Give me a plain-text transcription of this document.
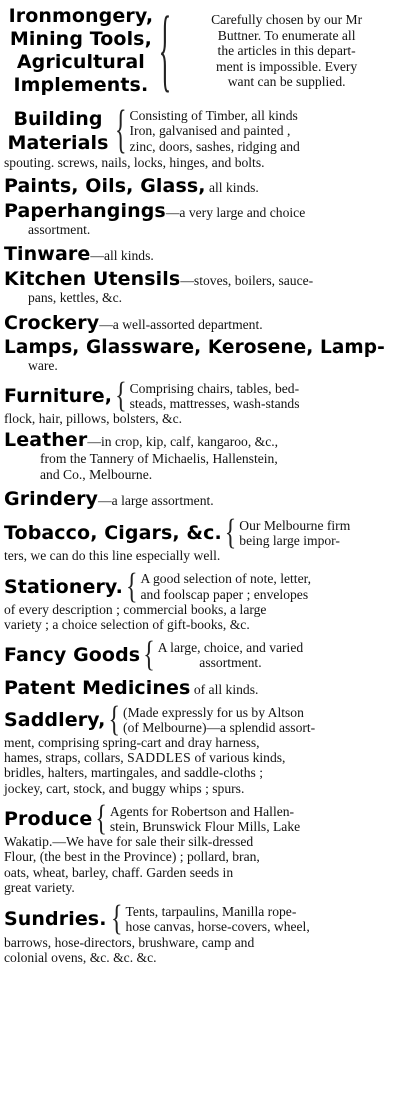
Ironmongery,
Mining Tools,
Agricultural
Implements. {	Carefully chosen by our Mr
Buttner. To enumerate all
the articles in this depart-
ment is impossible. Every
want can be supplied.
Building
Materials { Consisting of Timber, all kinds
Iron, galvanised and painted ,
zinc, doors, sashes, ridging and
spouting. screws, nails, locks, hinges, and bolts.
Paints, Oils, Glass, all kinds.
Paperhangings—a very large and choice
assortment.
Tinware—all kinds.
Kitchen Utensils—stoves, boilers, sauce-
pans, kettles, &c.
Crockery—a well-assorted department.
Lamps, Glassware, Kerosene, Lamp-
ware.
Furniture, { Comprising chairs, tables, bed-
steads, mattresses, wash-stands
flock, hair, pillows, bolsters, &c.
Leather—in crop, kip, calf, kangaroo, &c.,
from the Tannery of Michaelis, Hallenstein,
and Co., Melbourne.
Grindery—a large assortment.
Tobacco, Cigars, &c. { Our Melbourne firm
being large impor-
ters, we can do this line especially well.
Stationery. { A good selection of note, letter,
and foolscap paper ; envelopes
of every description ; commercial books, a large
variety ; a choice selection of gift-books, &c.
Fancy Goods { A large, choice, and varied
assortment.
Patent Medicines of all kinds.
Saddlery, { (Made expressly for us by Altson
(of Melbourne)—a splendid assort-
ment, comprising spring-cart and dray harness,
hames, straps, collars, SADDLES of various kinds,
bridles, halters, martingales, and saddle-cloths ;
jockey, cart, stock, and buggy whips ; spurs.
Produce { Agents for Robertson and Hallen-
stein, Brunswick Flour Mills, Lake
Wakatip.—We have for sale their silk-dressed
Flour, (the best in the Province) ; pollard, bran,
oats, wheat, barley, chaff. Garden seeds in
great variety.
Sundries. { Tents, tarpaulins, Manilla rope-
hose canvas, horse-covers, wheel,
barrows, hose-directors, brushware, camp and
colonial ovens, &c. &c. &c.
